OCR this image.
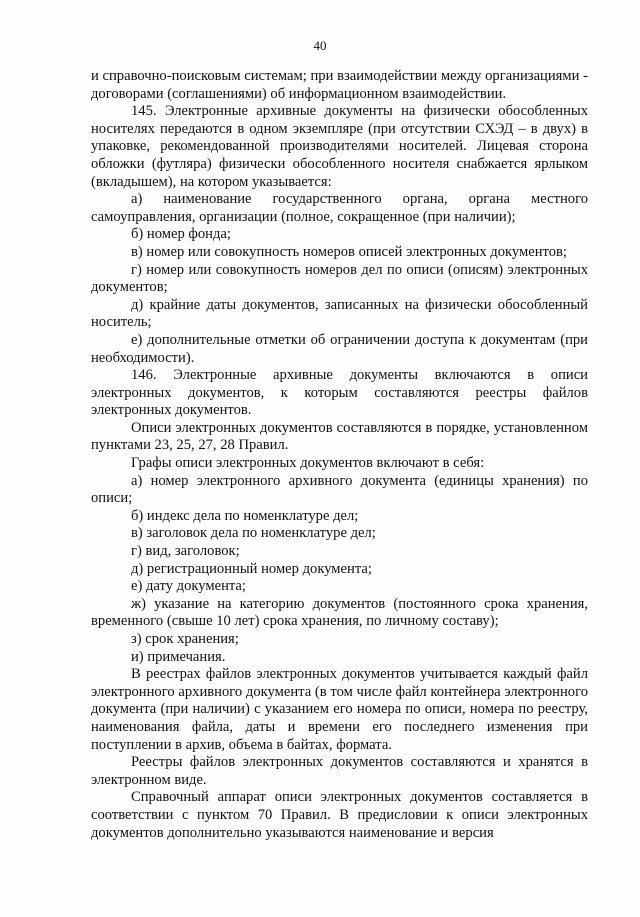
40

и справочно-поисковым системам; при взаимодействии между организациями - договорами (соглашениями) об информационном взаимодействии.

145. Электронные архивные документы на физически обособленных носителях передаются в одном экземпляре (при отсутствии СХЭД – в двух) в упаковке, рекомендованной производителями носителей. Лицевая сторона обложки (футляра) физически обособленного носителя снабжается ярлыком (вкладышем), на котором указывается:

а) наименование государственного органа, органа местного самоуправления, организации (полное, сокращенное (при наличии);

б) номер фонда;

в) номер или совокупность номеров описей электронных документов;

г) номер или совокупность номеров дел по описи (описям) электронных документов;

д) крайние даты документов, записанных на физически обособленный носитель;

е) дополнительные отметки об ограничении доступа к документам (при необходимости).

146. Электронные архивные документы включаются в описи электронных документов, к которым составляются реестры файлов электронных документов.

Описи электронных документов составляются в порядке, установленном пунктами 23, 25, 27, 28 Правил.

Графы описи электронных документов включают в себя:

а) номер электронного архивного документа (единицы хранения) по описи;

б) индекс дела по номенклатуре дел;

в) заголовок дела по номенклатуре дел;

г) вид, заголовок;

д) регистрационный номер документа;

е) дату документа;

ж) указание на категорию документов (постоянного срока хранения, временного (свыше 10 лет) срока хранения, по личному составу);

з) срок хранения;

и) примечания.

В реестрах файлов электронных документов учитывается каждый файл электронного архивного документа (в том числе файл контейнера электронного документа (при наличии) с указанием его номера по описи, номера по реестру, наименования файла, даты и времени его последнего изменения при поступлении в архив, объема в байтах, формата.

Реестры файлов электронных документов составляются и хранятся в электронном виде.

Справочный аппарат описи электронных документов составляется в соответствии с пунктом 70 Правил. В предисловии к описи электронных документов дополнительно указываются наименование и версия
